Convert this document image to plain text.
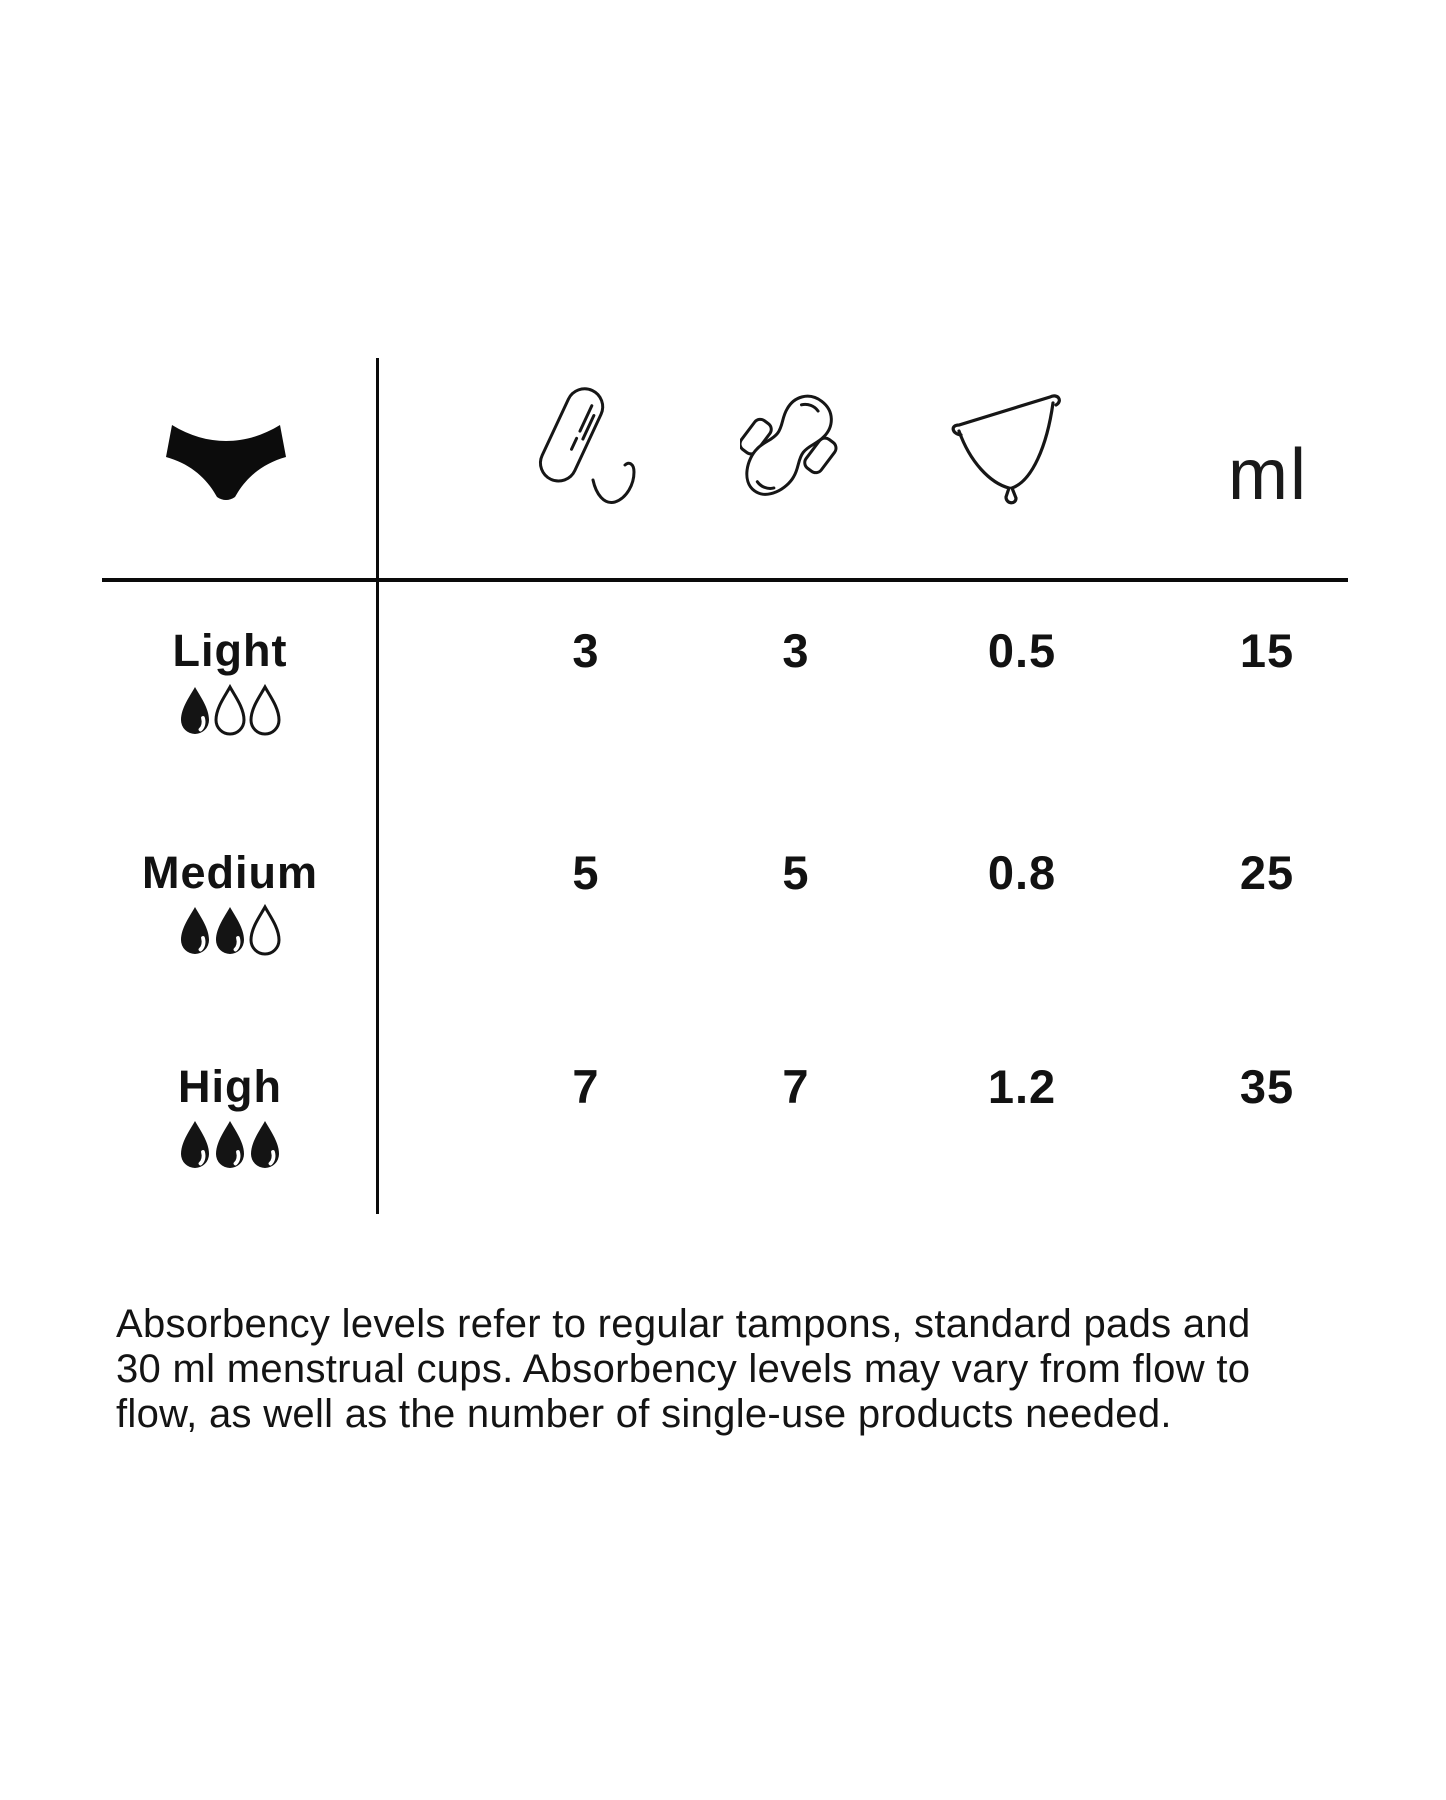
ml
Light	3	3	0.5	15
Medium	5	5	0.8	25
High	7	7	1.2	35
Absorbency levels refer to regular tampons, standard pads and
30 ml menstrual cups. Absorbency levels may vary from flow to
flow, as well as the number of single-use products needed.
